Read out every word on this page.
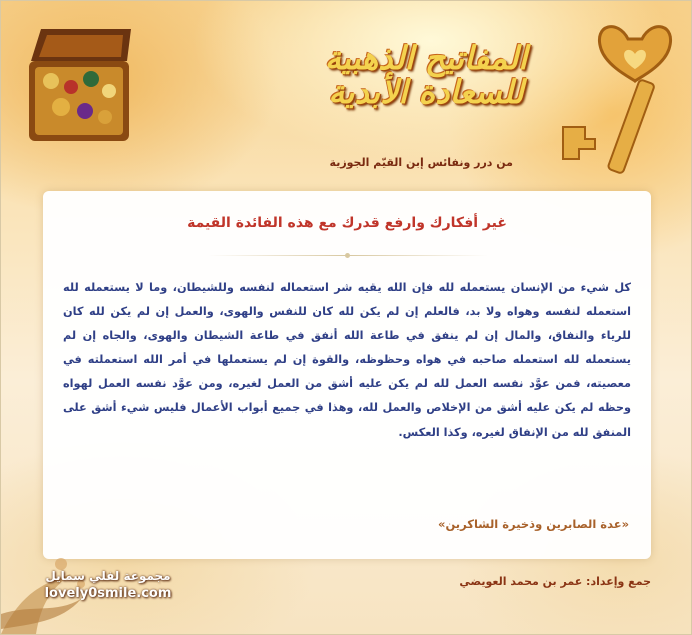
المفاتيح الذهبية
للسعادة الأبدية
من درر ونفائس إبن القيّم الجوزية
غير أفكارك وارفع قدرك مع هذه الفائدة القيمة

كل شيء من الإنسان يستعمله لله فإن الله يقيه شر استعماله لنفسه وللشيطان، وما لا يستعمله لله استعمله لنفسه وهواه ولا بد، فالعلم إن لم يكن لله كان للنفس والهوى، والعمل إن لم يكن لله كان للرياء والنفاق، والمال إن لم ينفق في طاعة الله أنفق في طاعة الشيطان والهوى، والجاه إن لم يستعمله لله استعمله صاحبه في هواه وحظوظه، والقوة إن لم يستعملها في أمر الله استعملته في معصيته، فمن عوَّد نفسه العمل لله لم يكن عليه أشق من العمل لغيره، ومن عوَّد نفسه العمل لهواه وحظه لم يكن عليه أشق من الإخلاص والعمل لله، وهذا في جميع أبواب الأعمال فليس شيء أشق على المنفق لله من الإنفاق لغيره، وكذا العكس.

«عدة الصابرين وذخيرة الشاكرين»
مجموعة لفلي سمايل
lovely0smile.com
جمع وإعداد: عمر بن محمد العويضي
